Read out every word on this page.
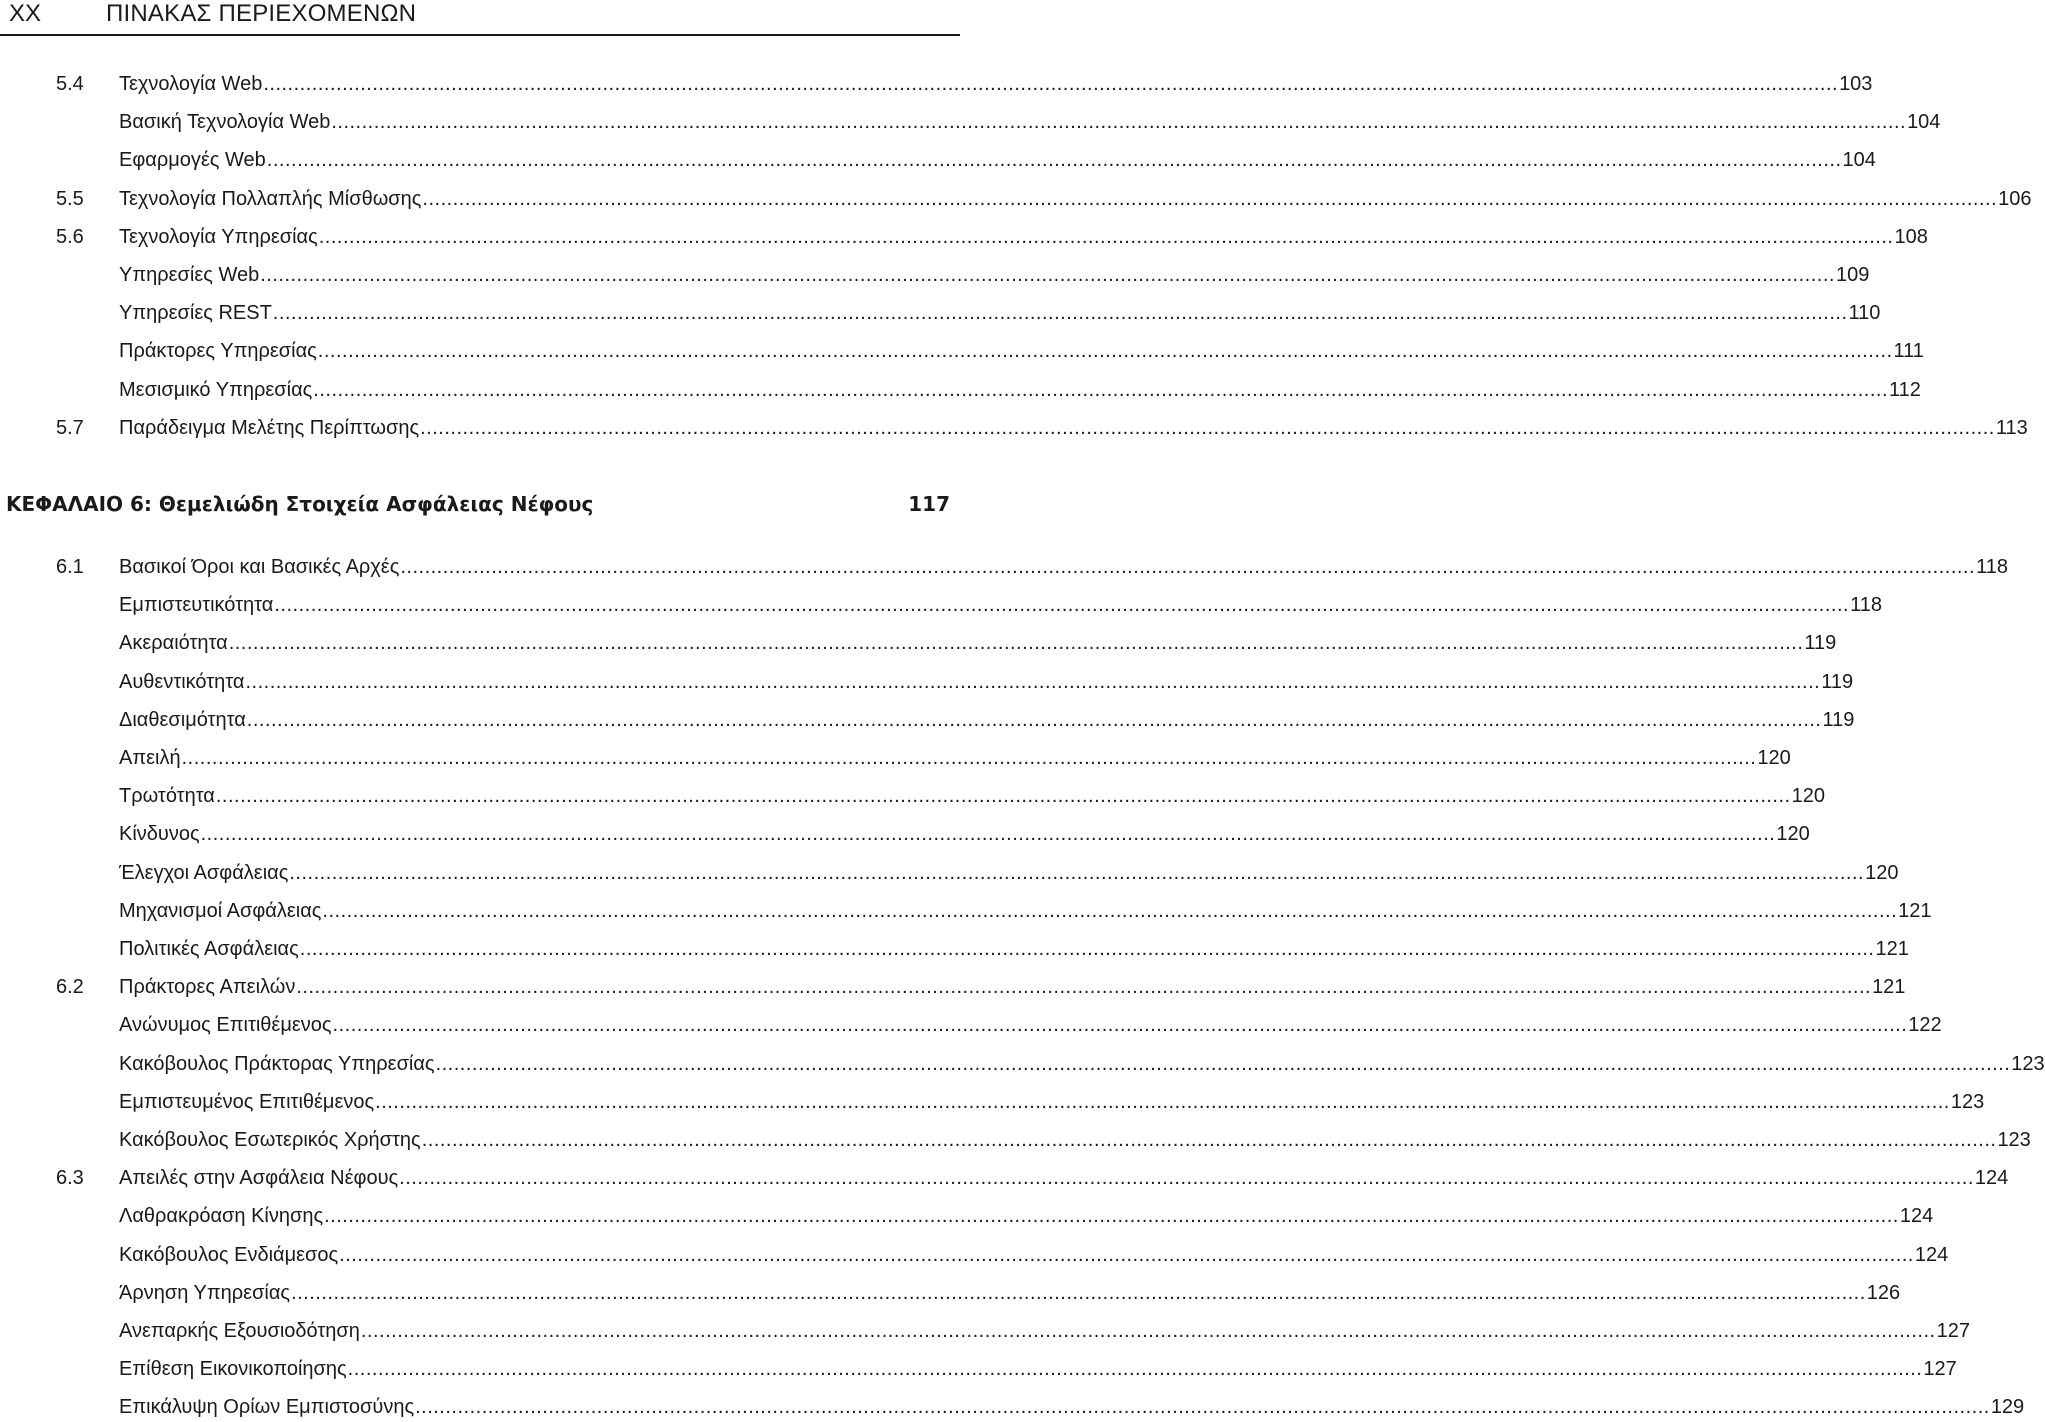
XX	ΠΙΝΑΚΑΣ ΠΕΡΙΕΧΟΜΕΝΩΝ
ΚΕΦΑΛΑΙΟ 6: Θεμελιώδη Στοιχεία Ασφάλειας Νέφους	117
5.4 Τεχνολογία Web .................................................................................................................................................................................................................................................................... 103
Βασική Τεχνολογία Web .................................................................................................................................................................................................................................................................... 104
Εφαρμογές Web .................................................................................................................................................................................................................................................................... 104
5.5 Τεχνολογία Πολλαπλής Μίσθωσης .................................................................................................................................................................................................................................................................... 106
5.6 Τεχνολογία Υπηρεσίας .................................................................................................................................................................................................................................................................... 108
Υπηρεσίες Web .................................................................................................................................................................................................................................................................... 109
Υπηρεσίες REST .................................................................................................................................................................................................................................................................... 110
Πράκτορες Υπηρεσίας .................................................................................................................................................................................................................................................................... 111
Μεσισμικό Υπηρεσίας .................................................................................................................................................................................................................................................................... 112
5.7 Παράδειγμα Μελέτης Περίπτωσης .................................................................................................................................................................................................................................................................... 113
6.1 Βασικοί Όροι και Βασικές Αρχές .................................................................................................................................................................................................................................................................... 118
Εμπιστευτικότητα .................................................................................................................................................................................................................................................................... 118
Ακεραιότητα .................................................................................................................................................................................................................................................................... 119
Αυθεντικότητα .................................................................................................................................................................................................................................................................... 119
Διαθεσιμότητα .................................................................................................................................................................................................................................................................... 119
Απειλή .................................................................................................................................................................................................................................................................... 120
Τρωτότητα .................................................................................................................................................................................................................................................................... 120
Κίνδυνος .................................................................................................................................................................................................................................................................... 120
Έλεγχοι Ασφάλειας .................................................................................................................................................................................................................................................................... 120
Μηχανισμοί Ασφάλειας .................................................................................................................................................................................................................................................................... 121
Πολιτικές Ασφάλειας .................................................................................................................................................................................................................................................................... 121
6.2 Πράκτορες Απειλών .................................................................................................................................................................................................................................................................... 121
Ανώνυμος Επιτιθέμενος .................................................................................................................................................................................................................................................................... 122
Κακόβουλος Πράκτορας Υπηρεσίας .................................................................................................................................................................................................................................................................... 123
Εμπιστευμένος Επιτιθέμενος .................................................................................................................................................................................................................................................................... 123
Κακόβουλος Εσωτερικός Χρήστης .................................................................................................................................................................................................................................................................... 123
6.3 Απειλές στην Ασφάλεια Νέφους .................................................................................................................................................................................................................................................................... 124
Λαθρακρόαση Κίνησης .................................................................................................................................................................................................................................................................... 124
Κακόβουλος Ενδιάμεσος .................................................................................................................................................................................................................................................................... 124
Άρνηση Υπηρεσίας .................................................................................................................................................................................................................................................................... 126
Ανεπαρκής Εξουσιοδότηση .................................................................................................................................................................................................................................................................... 127
Επίθεση Εικονικοποίησης .................................................................................................................................................................................................................................................................... 127
Επικάλυψη Ορίων Εμπιστοσύνης .................................................................................................................................................................................................................................................................... 129
